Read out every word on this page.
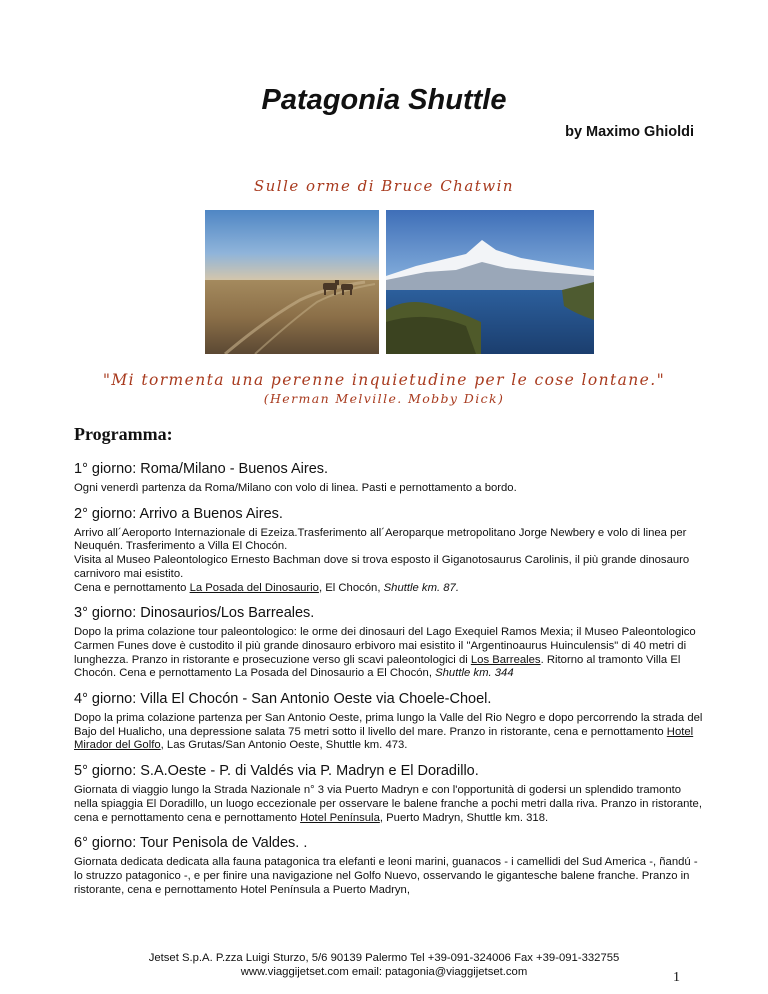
Patagonia Shuttle
by Maximo Ghioldi
Sulle orme di Bruce Chatwin
"Mi tormenta una perenne inquietudine per le cose lontane."
(Herman Melville. Mobby Dick)
Programma:
1° giorno: Roma/Milano - Buenos Aires.

Ogni venerdì partenza da Roma/Milano con volo di linea. Pasti e pernottamento a bordo.

2° giorno: Arrivo a Buenos Aires.

Arrivo all´Aeroporto Internazionale di Ezeiza.Trasferimento all´Aeroparque metropolitano Jorge Newbery e volo di linea per Neuquén. Trasferimento a Villa El Chocón.

Visita al Museo Paleontologico Ernesto Bachman dove si trova esposto il Giganotosaurus Carolinis, il più grande dinosauro carnivoro mai esistito.

Cena e pernottamento La Posada del Dinosaurio, El Chocón, Shuttle km. 87.

3° giorno: Dinosaurios/Los Barreales.

Dopo la prima colazione tour paleontologico: le orme dei dinosauri del Lago Exequiel Ramos Mexia; il Museo Paleontologico Carmen Funes dove è custodito il più grande dinosauro erbivoro mai esistito il "Argentinoaurus Huinculensis" di 40 metri di lunghezza. Pranzo in ristorante e prosecuzione verso gli scavi paleontologici di Los Barreales. Ritorno al tramonto Villa El Chocón. Cena e pernottamento La Posada del Dinosaurio a El Chocón, Shuttle km. 344

4° giorno: Villa El Chocón - San Antonio Oeste via Choele-Choel.

Dopo la prima colazione partenza per San Antonio Oeste, prima lungo la Valle del Rio Negro e dopo percorrendo la strada del Bajo del Hualicho, una depressione salata 75 metri sotto il livello del mare. Pranzo in ristorante, cena e pernottamento Hotel Mirador del Golfo, Las Grutas/San Antonio Oeste, Shuttle km. 473.

5° giorno: S.A.Oeste - P. di Valdés via P. Madryn e El Doradillo.

Giornata di viaggio lungo la Strada Nazionale n° 3 via Puerto Madryn e con l'opportunità di godersi un splendido tramonto nella spiaggia El Doradillo, un luogo eccezionale per osservare le balene franche a pochi metri dalla riva. Pranzo in ristorante, cena e pernottamento cena e pernottamento Hotel Península, Puerto Madryn, Shuttle km. 318.

6° giorno: Tour Penisola de Valdes. .

Giornata dedicata dedicata alla fauna patagonica tra elefanti e leoni marini, guanacos - i camellidi del Sud America -, ñandú - lo struzzo patagonico -, e per finire una navigazione nel Golfo Nuevo, osservando le gigantesche balene franche. Pranzo in ristorante, cena e pernottamento Hotel Península a Puerto Madryn,

Jetset S.p.A. P.zza Luigi Sturzo, 5/6 90139 Palermo Tel +39-091-324006 Fax +39-091-332755
www.viaggijetset.com email: patagonia@viaggijetset.com	1
